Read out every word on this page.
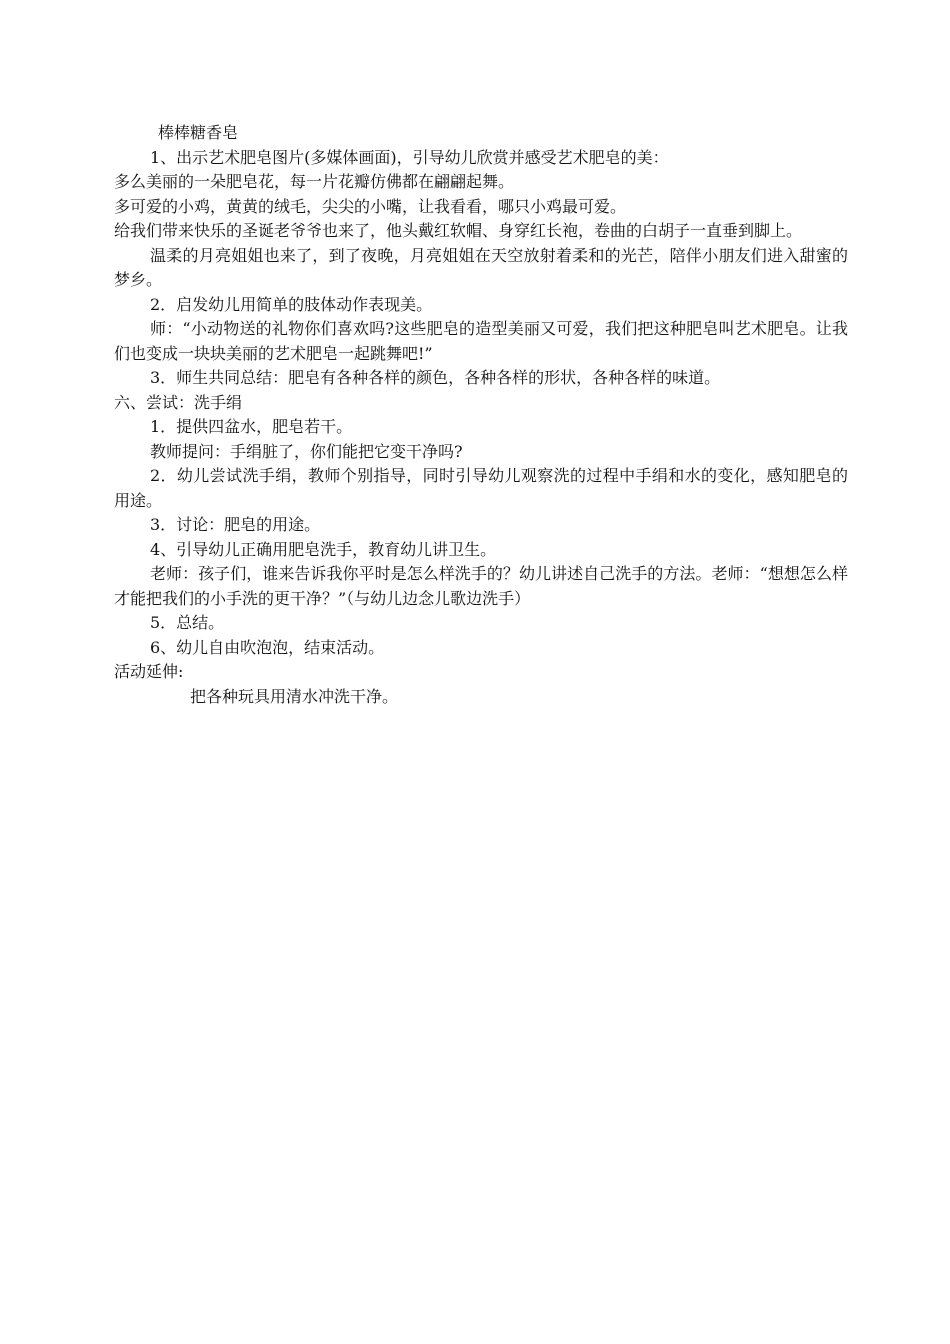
棒棒糖香皂
1、出示艺术肥皂图片(多媒体画面)，引导幼儿欣赏并感受艺术肥皂的美：
多么美丽的一朵肥皂花，每一片花瓣仿佛都在翩翩起舞。
多可爱的小鸡，黄黄的绒毛，尖尖的小嘴，让我看看，哪只小鸡最可爱。
给我们带来快乐的圣诞老爷爷也来了，他头戴红软帽、身穿红长袍，卷曲的白胡子一直垂到脚上。
温柔的月亮姐姐也来了，到了夜晚，月亮姐姐在天空放射着柔和的光芒，陪伴小朋友们进入甜蜜的梦乡。
2．启发幼儿用简单的肢体动作表现美。
师：“小动物送的礼物你们喜欢吗?这些肥皂的造型美丽又可爱，我们把这种肥皂叫艺术肥皂。让我们也变成一块块美丽的艺术肥皂一起跳舞吧!”
3．师生共同总结：肥皂有各种各样的颜色，各种各样的形状，各种各样的味道。
六、尝试：洗手绢
1．提供四盆水，肥皂若干。
教师提问：手绢脏了，你们能把它变干净吗?
2．幼儿尝试洗手绢，教师个别指导，同时引导幼儿观察洗的过程中手绢和水的变化，感知肥皂的用途。
3．讨论：肥皂的用途。
4、引导幼儿正确用肥皂洗手，教育幼儿讲卫生。
老师：孩子们，谁来告诉我你平时是怎么样洗手的？幼儿讲述自己洗手的方法。老师：“想想怎么样才能把我们的小手洗的更干净？”（与幼儿边念儿歌边洗手）
5．总结。
6、幼儿自由吹泡泡，结束活动。
活动延伸:
把各种玩具用清水冲洗干净。
